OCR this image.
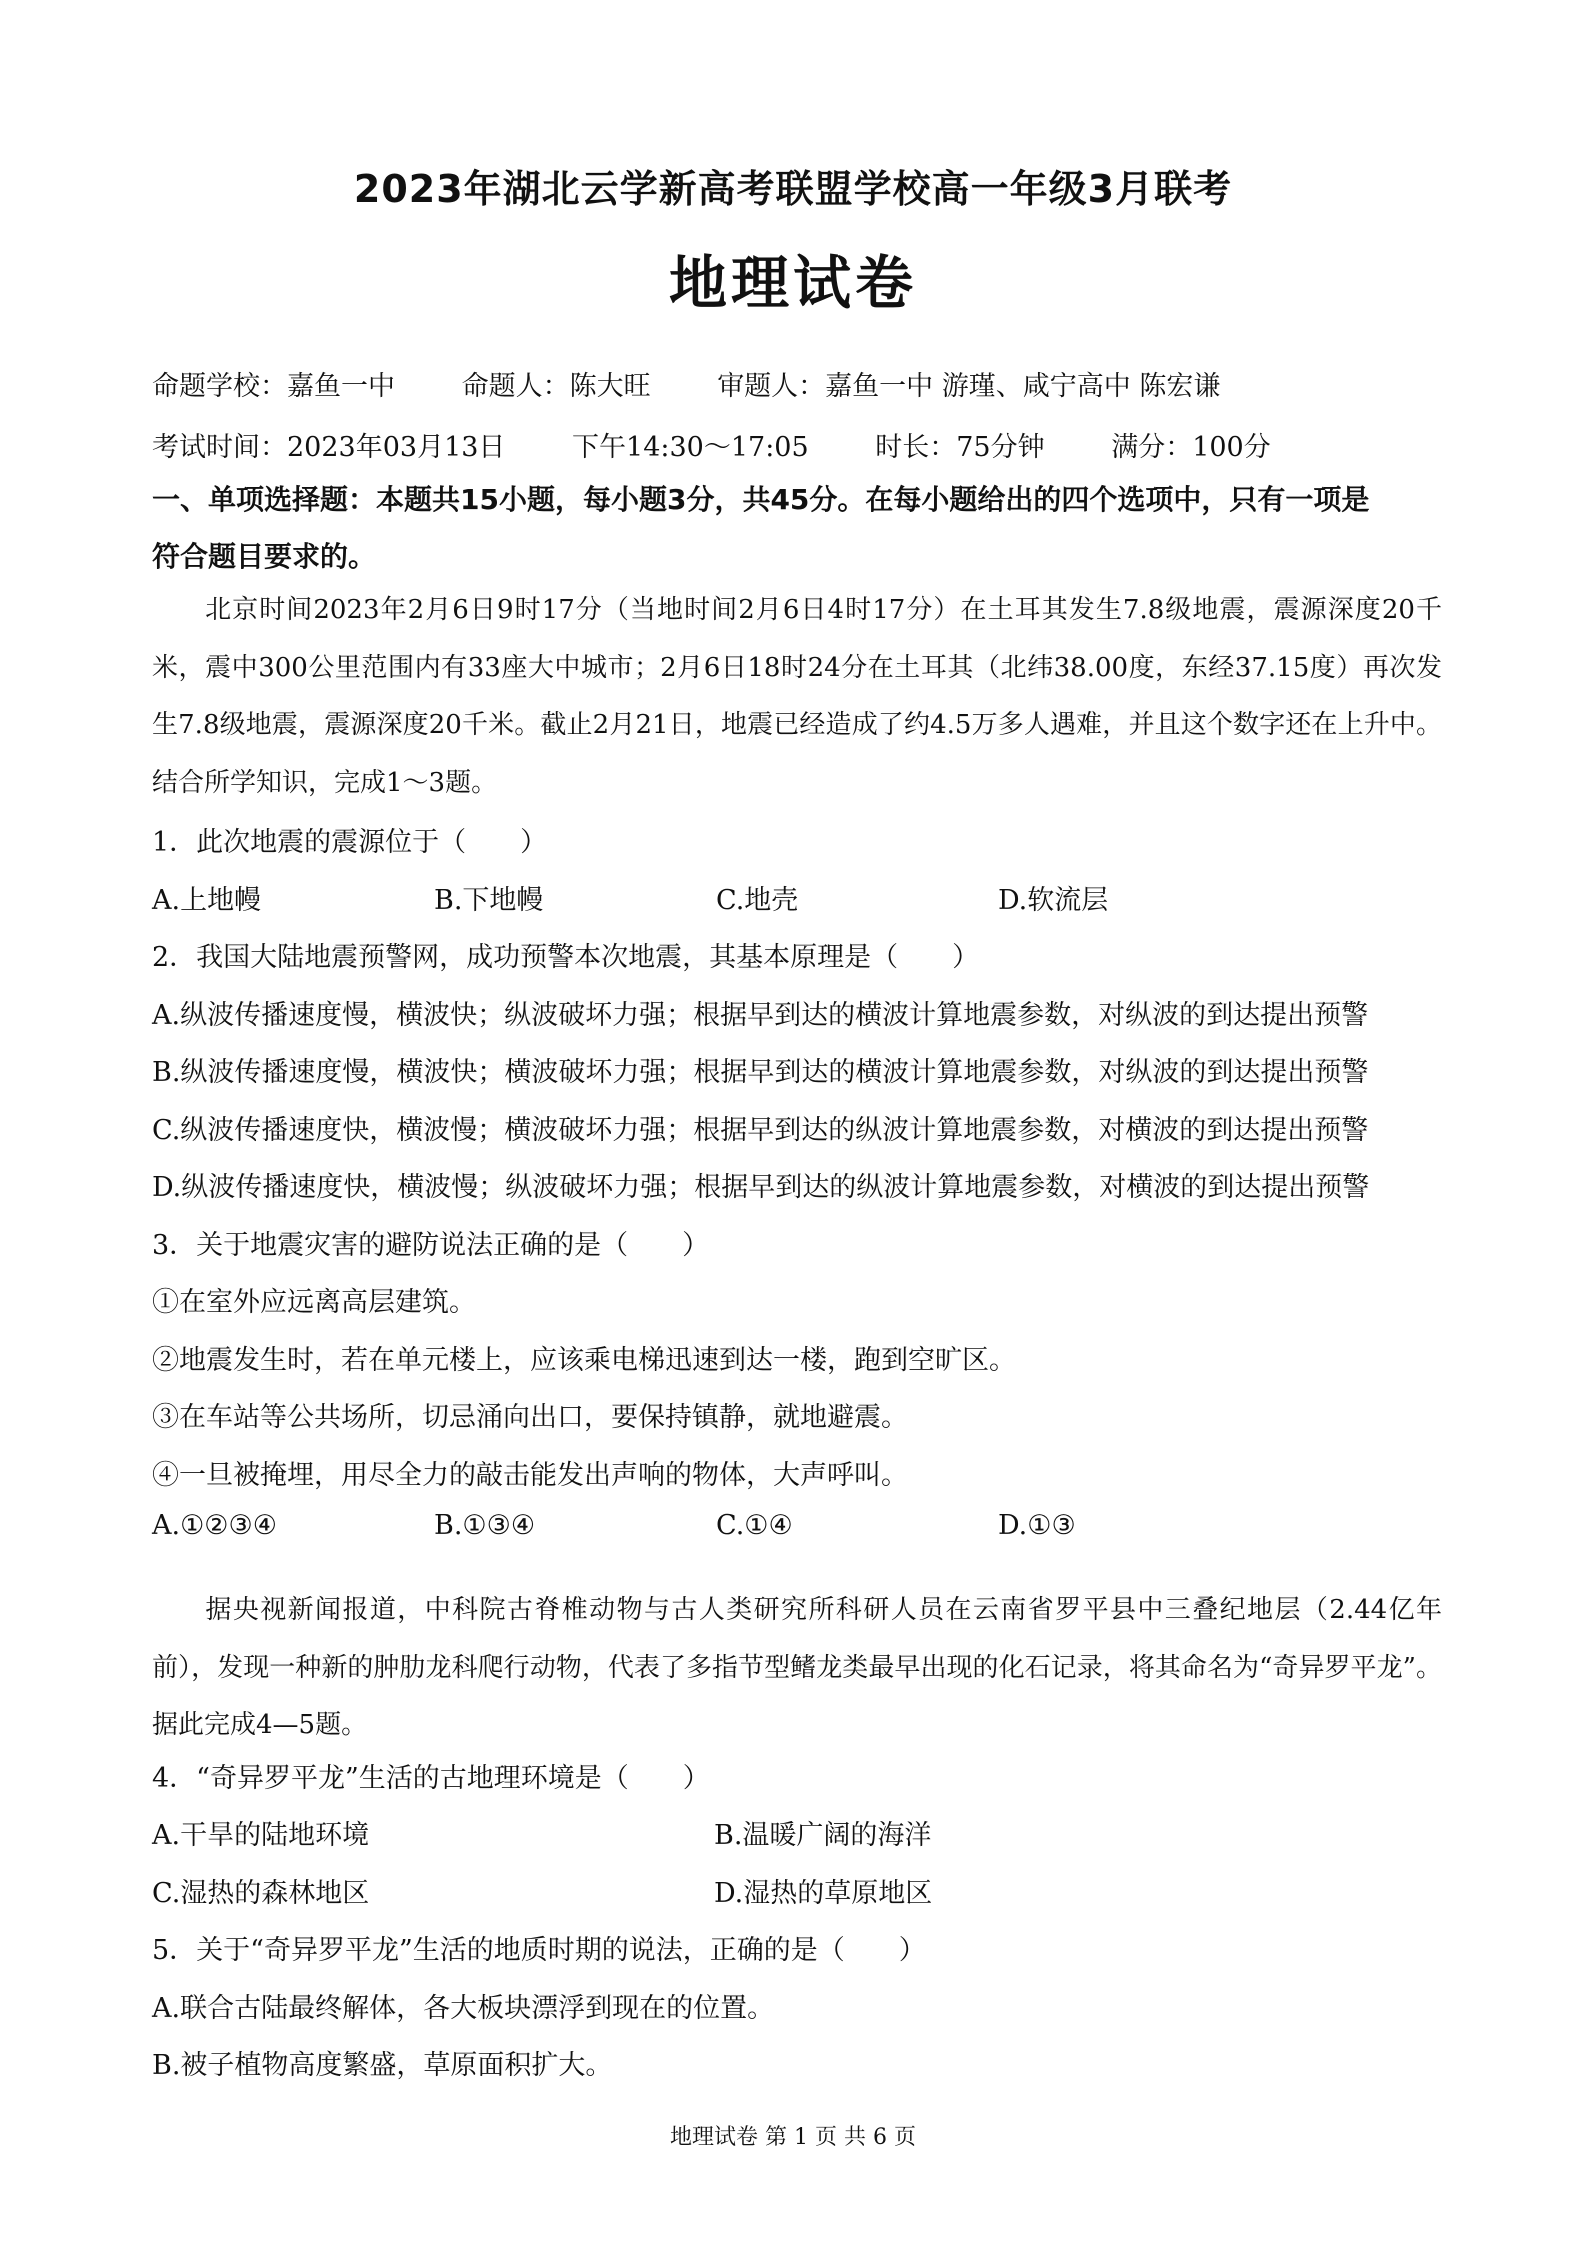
2023年湖北云学新高考联盟学校高一年级3月联考
地理试卷
命题学校：嘉鱼一中 命题人：陈大旺 审题人：嘉鱼一中 游瑾、咸宁高中 陈宏谦
考试时间：2023年03月13日 下午14:30～17:05 时长：75分钟 满分：100分
一、单项选择题：本题共15小题，每小题3分，共45分。在每小题给出的四个选项中，只有一项是
符合题目要求的。
北京时间2023年2月6日9时17分（当地时间2月6日4时17分）在土耳其发生7.8级地震，震源深度20千米，震中300公里范围内有33座大中城市；2月6日18时24分在土耳其（北纬38.00度，东经37.15度）再次发生7.8级地震，震源深度20千米。截止2月21日，地震已经造成了约4.5万多人遇难，并且这个数字还在上升中。结合所学知识，完成1～3题。
1．此次地震的震源位于（　　）
A.上地幔	B.下地幔	C.地壳	D.软流层
2．我国大陆地震预警网，成功预警本次地震，其基本原理是（　　）
A.纵波传播速度慢，横波快；纵波破坏力强；根据早到达的横波计算地震参数，对纵波的到达提出预警
B.纵波传播速度慢，横波快；横波破坏力强；根据早到达的横波计算地震参数，对纵波的到达提出预警
C.纵波传播速度快，横波慢；横波破坏力强；根据早到达的纵波计算地震参数，对横波的到达提出预警
D.纵波传播速度快，横波慢；纵波破坏力强；根据早到达的纵波计算地震参数，对横波的到达提出预警
3．关于地震灾害的避防说法正确的是（　　）
①在室外应远离高层建筑。
②地震发生时，若在单元楼上，应该乘电梯迅速到达一楼，跑到空旷区。
③在车站等公共场所，切忌涌向出口，要保持镇静，就地避震。
④一旦被掩埋，用尽全力的敲击能发出声响的物体，大声呼叫。
A.①②③④	B.①③④	C.①④	D.①③
据央视新闻报道，中科院古脊椎动物与古人类研究所科研人员在云南省罗平县中三叠纪地层（2.44亿年前），发现一种新的肿肋龙科爬行动物，代表了多指节型鳍龙类最早出现的化石记录，将其命名为“奇异罗平龙”。据此完成4—5题。
4．“奇异罗平龙”生活的古地理环境是（　　）
A.干旱的陆地环境	B.温暖广阔的海洋
C.湿热的森林地区	D.湿热的草原地区
5．关于“奇异罗平龙”生活的地质时期的说法，正确的是（　　）
A.联合古陆最终解体，各大板块漂浮到现在的位置。
B.被子植物高度繁盛，草原面积扩大。
地理试卷 第 1 页 共 6 页
